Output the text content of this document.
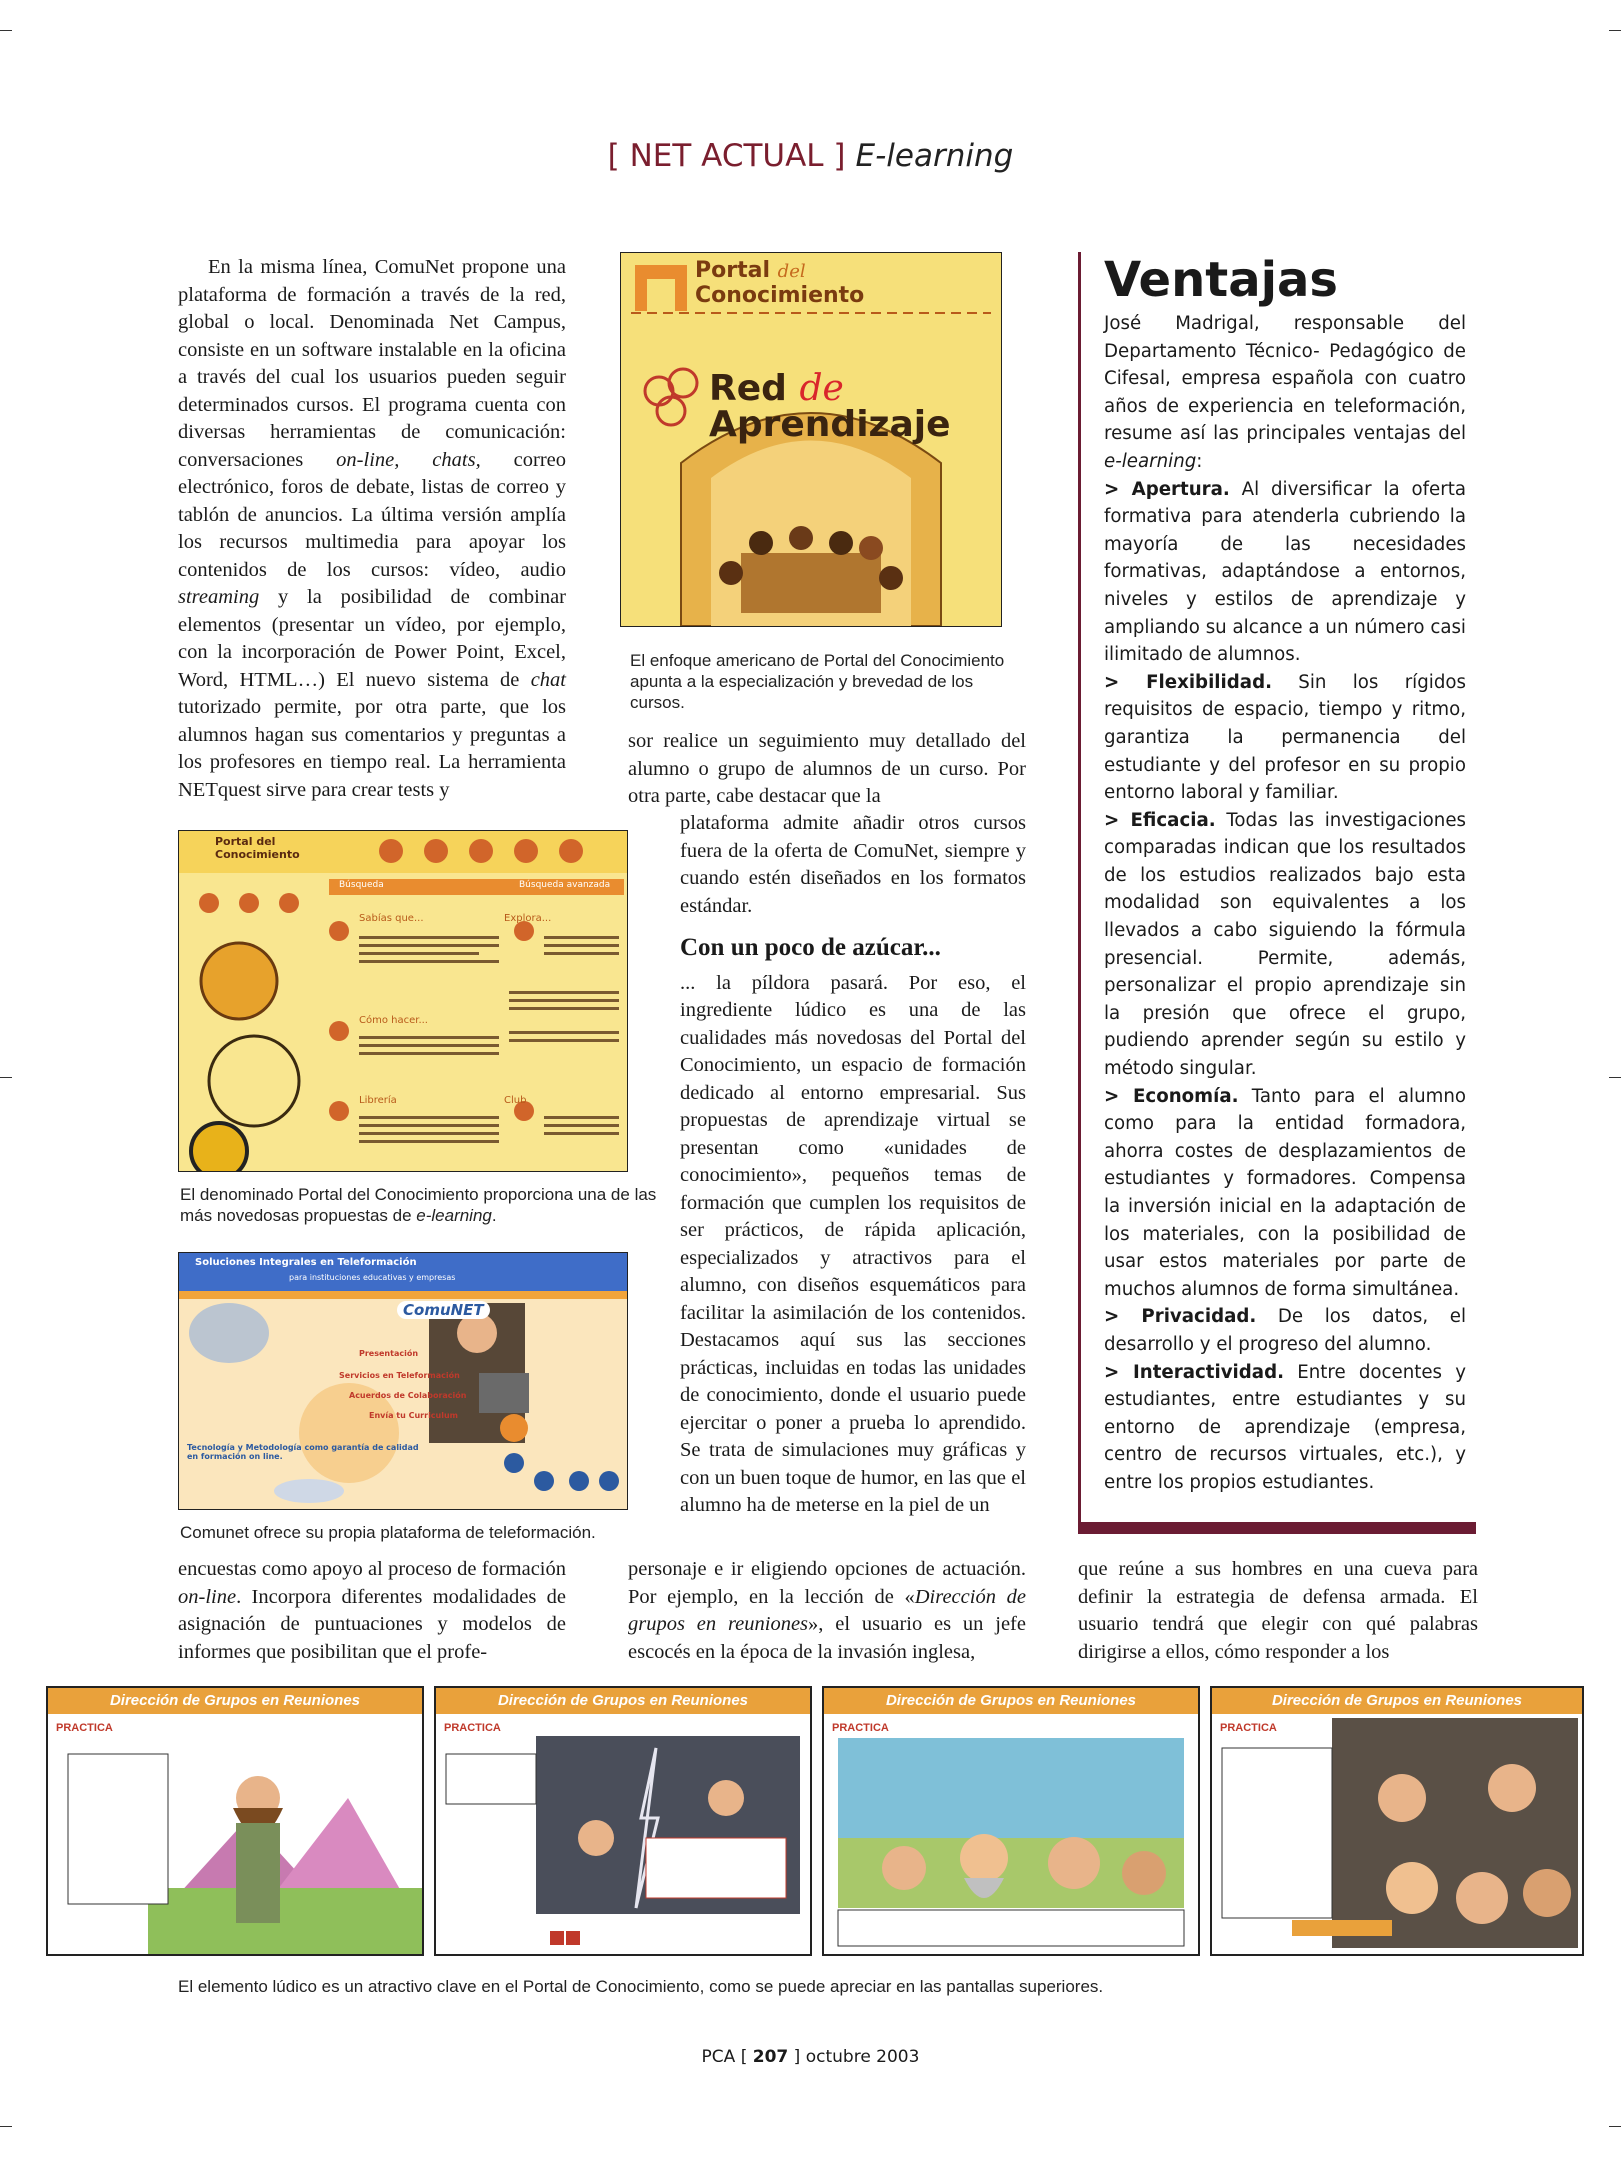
[ NET ACTUAL ] E-learning

En la misma línea, ComuNet propone una plataforma de formación a través de la red, global o local. Denominada Net Campus, consiste en un software instalable en la oficina a través del cual los usuarios pueden seguir determinados cursos. El programa cuenta con diversas herramientas de comunicación: conversaciones on-line, chats, correo electrónico, foros de debate, listas de correo y tablón de anuncios. La última versión amplía los recursos multimedia para apoyar los contenidos de los cursos: vídeo, audio streaming y la posibilidad de combinar elementos (presentar un vídeo, por ejemplo, con la incorporación de Power Point, Excel, Word, HTML…) El nuevo sistema de chat tutorizado permite, por otra parte, que los alumnos hagan sus comentarios y preguntas a los profesores en tiempo real. La herramienta NETquest sirve para crear tests y

Portal del
Conocimiento
Red de
Aprendizaje
El enfoque americano de Portal del Conocimiento apunta a la especialización y brevedad de los cursos.

sor realice un seguimiento muy detallado del alumno o grupo de alumnos de un curso. Por otra parte, cabe destacar que la

plataforma admite añadir otros cursos fuera de la oferta de ComuNet, siempre y cuando estén diseñados en los formatos estándar.

Con un poco de azúcar...

... la píldora pasará. Por eso, el ingrediente lúdico es una de las cualidades más novedosas del Portal del Conocimiento, un espacio de formación dedicado al entorno empresarial. Sus propuestas de aprendizaje virtual se presentan como «unidades de conocimiento», pequeños temas de formación que cumplen los requisitos de ser prácticos, de rápida aplicación, especializados y atractivos para el alumno, con diseños esquemáticos para facilitar la asimilación de los contenidos. Destacamos aquí sus las secciones prácticas, incluidas en todas las unidades de conocimiento, donde el usuario puede ejercitar o poner a prueba lo aprendido. Se trata de simulaciones muy gráficas y con un buen toque de humor, en las que el alumno ha de meterse en la piel de un

Portal del Conocimiento
Búsqueda	Búsqueda avanzada
Sabías que...	Explora...
Cómo hacer...
Librería	Club
El denominado Portal del Conocimiento proporciona una de las más novedosas propuestas de e-learning.
Soluciones Integrales en Teleformación
para instituciones educativas y empresas
ComuNET
Presentación
Servicios en Teleformación
Acuerdos de Colaboración
Envía tu Curriculum
Tecnología y Metodología como garantía de calidad en formación on line.
Comunet ofrece su propia plataforma de teleformación.

encuestas como apoyo al proceso de formación on-line. Incorpora diferentes modalidades de asignación de puntuaciones y modelos de informes que posibilitan que el profe-

personaje e ir eligiendo opciones de actuación. Por ejemplo, en la lección de «Dirección de grupos en reuniones», el usuario es un jefe escocés en la época de la invasión inglesa,

que reúne a sus hombres en una cueva para definir la estrategia de defensa armada. El usuario tendrá que elegir con qué palabras dirigirse a ellos, cómo responder a los

Ventajas

José Madrigal, responsable del Departamento Técnico- Pedagógico de Cifesal, empresa española con cuatro años de experiencia en teleformación, resume así las principales ventajas del e-learning:

> Apertura. Al diversificar la oferta formativa para atenderla cubriendo la mayoría de las necesidades formativas, adaptándose a entornos, niveles y estilos de aprendizaje y ampliando su alcance a un número casi ilimitado de alumnos.

> Flexibilidad. Sin los rígidos requisitos de espacio, tiempo y ritmo, garantiza la permanencia del estudiante y del profesor en su propio entorno laboral y familiar.

> Eficacia. Todas las investigaciones comparadas indican que los resultados de los estudios realizados bajo esta modalidad son equivalentes a los llevados a cabo siguiendo la fórmula presencial. Permite, además, personalizar el propio aprendizaje sin la presión que ofrece el grupo, pudiendo aprender según su estilo y método singular.

> Economía. Tanto para el alumno como para la entidad formadora, ahorra costes de desplazamientos de estudiantes y formadores. Compensa la inversión inicial en la adaptación de los materiales, con la posibilidad de usar estos materiales por parte de muchos alumnos de forma simultánea.

> Privacidad. De los datos, el desarrollo y el progreso del alumno.

> Interactividad. Entre docentes y estudiantes, entre estudiantes y su entorno de aprendizaje (empresa, centro de recursos virtuales, etc.), y entre los propios estudiantes.

Dirección de Grupos en Reuniones
PRACTICA
Dirección de Grupos en Reuniones
PRACTICA
Dirección de Grupos en Reuniones
PRACTICA
Dirección de Grupos en Reuniones
PRACTICA
El elemento lúdico es un atractivo clave en el Portal de Conocimiento, como se puede apreciar en las pantallas superiores.
PCA [ 207 ] octubre 2003
